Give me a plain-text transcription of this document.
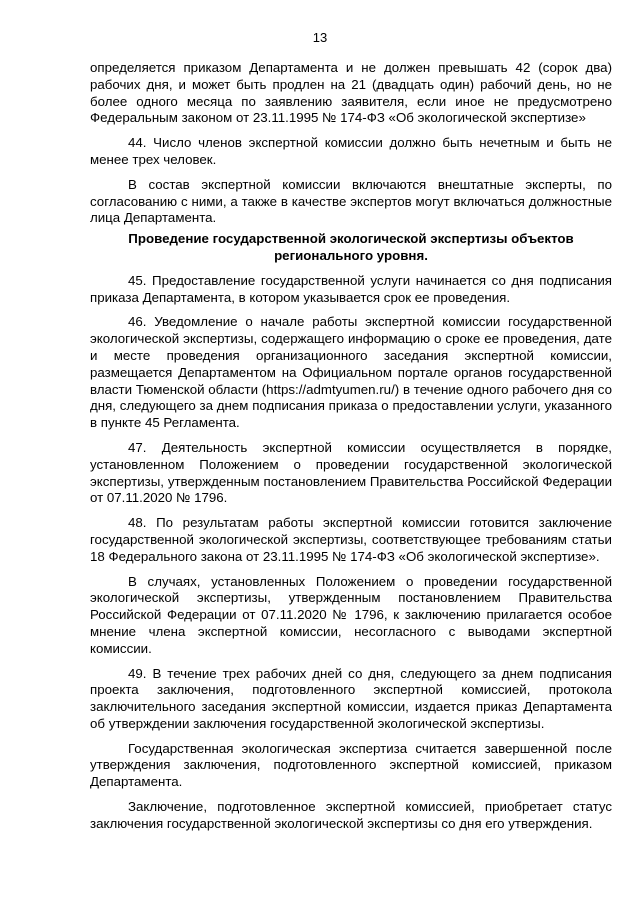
13

определяется приказом Департамента и не должен превышать 42 (сорок два) рабочих дня, и может быть продлен на 21 (двадцать один) рабочий день, но не более одного месяца по заявлению заявителя, если иное не предусмотрено Федеральным законом от 23.11.1995 № 174-ФЗ «Об экологической экспертизе»

44. Число членов экспертной комиссии должно быть нечетным и быть не менее трех человек.

В состав экспертной комиссии включаются внештатные эксперты, по согласованию с ними, а также в качестве экспертов могут включаться должностные лица Департамента.

Проведение государственной экологической экспертизы объектов регионального уровня.

45. Предоставление государственной услуги начинается со дня подписания приказа Департамента, в котором указывается срок ее проведения.

46. Уведомление о начале работы экспертной комиссии государственной экологической экспертизы, содержащего информацию о сроке ее проведения, дате и месте проведения организационного заседания экспертной комиссии, размещается Департаментом на Официальном портале органов государственной власти Тюменской области (https://admtyumen.ru/) в течение одного рабочего дня со дня, следующего за днем подписания приказа о предоставлении услуги, указанного в пункте 45 Регламента.

47. Деятельность экспертной комиссии осуществляется в порядке, установленном Положением о проведении государственной экологической экспертизы, утвержденным постановлением Правительства Российской Федерации от 07.11.2020 № 1796.

48. По результатам работы экспертной комиссии готовится заключение государственной экологической экспертизы, соответствующее требованиям статьи 18 Федерального закона от 23.11.1995 № 174-ФЗ «Об экологической экспертизе».

В случаях, установленных Положением о проведении государственной экологической экспертизы, утвержденным постановлением Правительства Российской Федерации от 07.11.2020 № 1796, к заключению прилагается особое мнение члена экспертной комиссии, несогласного с выводами экспертной комиссии.

49. В течение трех рабочих дней со дня, следующего за днем подписания проекта заключения, подготовленного экспертной комиссией, протокола заключительного заседания экспертной комиссии, издается приказ Департамента об утверждении заключения государственной экологической экспертизы.

Государственная экологическая экспертиза считается завершенной после утверждения заключения, подготовленного экспертной комиссией, приказом Департамента.

Заключение, подготовленное экспертной комиссией, приобретает статус заключения государственной экологической экспертизы со дня его утверждения.
